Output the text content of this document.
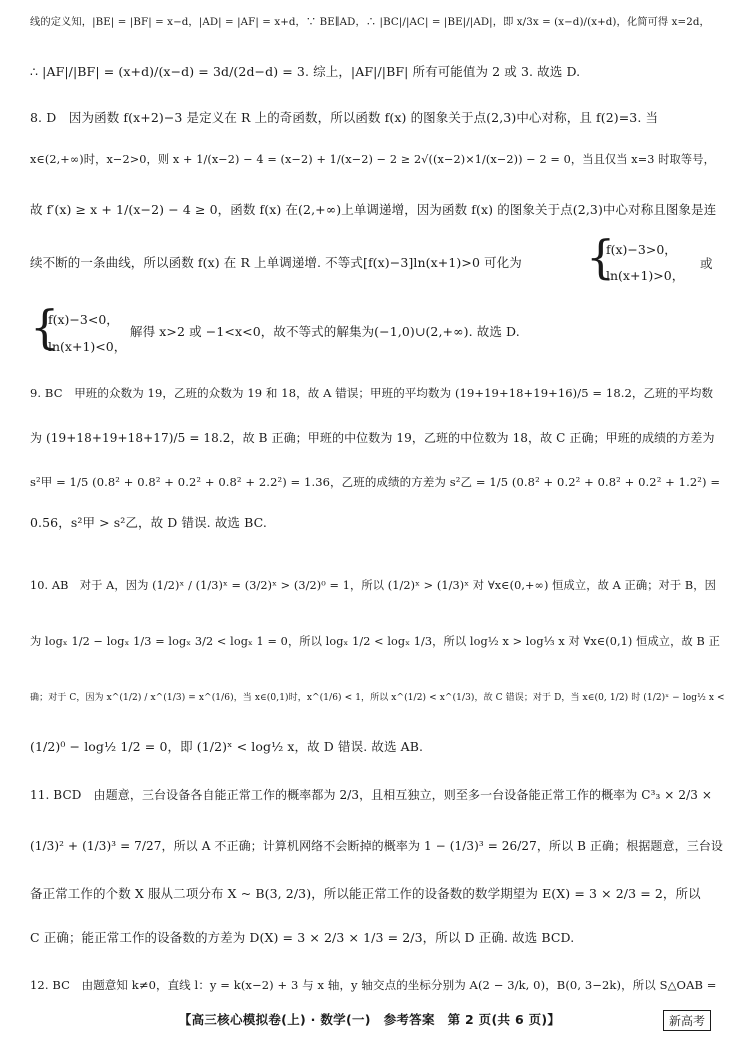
线的定义知，|BE| = |BF| = x−d，|AD| = |AF| = x+d，∵ BE∥AD，∴ |BC|/|AC| = |BE|/|AD|，即 x/3x = (x−d)/(x+d)，化简可得 x=2d，
∴ |AF|/|BF| = (x+d)/(x−d) = 3d/(2d−d) = 3. 综上，|AF|/|BF| 所有可能值为 2 或 3. 故选 D.
8. D　因为函数 f(x+2)−3 是定义在 R 上的奇函数，所以函数 f(x) 的图象关于点(2,3)中心对称，且 f(2)=3. 当
x∈(2,+∞)时，x−2>0，则 x + 1/(x−2) − 4 = (x−2) + 1/(x−2) − 2 ≥ 2√((x−2)×1/(x−2)) − 2 = 0，当且仅当 x=3 时取等号，
故 f′(x) ≥ x + 1/(x−2) − 4 ≥ 0，函数 f(x) 在(2,+∞)上单调递增，因为函数 f(x) 的图象关于点(2,3)中心对称且图象是连
续不断的一条曲线，所以函数 f(x) 在 R 上单调递增. 不等式[f(x)−3]ln(x+1)>0 可化为	{
f(x)−3>0，
ln(x+1)>0，
或
{
f(x)−3<0，
ln(x+1)<0，
解得 x>2 或 −1<x<0，故不等式的解集为(−1,0)∪(2,+∞). 故选 D.
9. BC　甲班的众数为 19，乙班的众数为 19 和 18，故 A 错误；甲班的平均数为 (19+19+18+19+16)/5 = 18.2，乙班的平均数
为 (19+18+19+18+17)/5 = 18.2，故 B 正确；甲班的中位数为 19，乙班的中位数为 18，故 C 正确；甲班的成绩的方差为
s²甲 = 1/5 (0.8² + 0.8² + 0.2² + 0.8² + 2.2²) = 1.36，乙班的成绩的方差为 s²乙 = 1/5 (0.8² + 0.2² + 0.8² + 0.2² + 1.2²) =
0.56，s²甲 > s²乙，故 D 错误. 故选 BC.
10. AB　对于 A，因为 (1/2)ˣ / (1/3)ˣ = (3/2)ˣ > (3/2)⁰ = 1，所以 (1/2)ˣ > (1/3)ˣ 对 ∀x∈(0,+∞) 恒成立，故 A 正确；对于 B，因
为 logₓ 1/2 − logₓ 1/3 = logₓ 3/2 < logₓ 1 = 0，所以 logₓ 1/2 < logₓ 1/3，所以 log½ x > log⅓ x 对 ∀x∈(0,1) 恒成立，故 B 正
确；对于 C，因为 x^(1/2) / x^(1/3) = x^(1/6)，当 x∈(0,1)时，x^(1/6) < 1，所以 x^(1/2) < x^(1/3)，故 C 错误；对于 D，当 x∈(0, 1/2) 时 (1/2)ˣ − log½ x <
(1/2)⁰ − log½ 1/2 = 0，即 (1/2)ˣ < log½ x，故 D 错误. 故选 AB.
11. BCD　由题意，三台设备各自能正常工作的概率都为 2/3，且相互独立，则至多一台设备能正常工作的概率为 C³₃ × 2/3 ×
(1/3)² + (1/3)³ = 7/27，所以 A 不正确；计算机网络不会断掉的概率为 1 − (1/3)³ = 26/27，所以 B 正确；根据题意，三台设
备正常工作的个数 X 服从二项分布 X ~ B(3, 2/3)，所以能正常工作的设备数的数学期望为 E(X) = 3 × 2/3 = 2，所以
C 正确；能正常工作的设备数的方差为 D(X) = 3 × 2/3 × 1/3 = 2/3，所以 D 正确. 故选 BCD.
12. BC　由题意知 k≠0，直线 l：y = k(x−2) + 3 与 x 轴，y 轴交点的坐标分别为 A(2 − 3/k, 0)，B(0, 3−2k)，所以 S△OAB =
【高三核心模拟卷(上) · 数学(一)　参考答案　第 2 页(共 6 页)】	新高考
